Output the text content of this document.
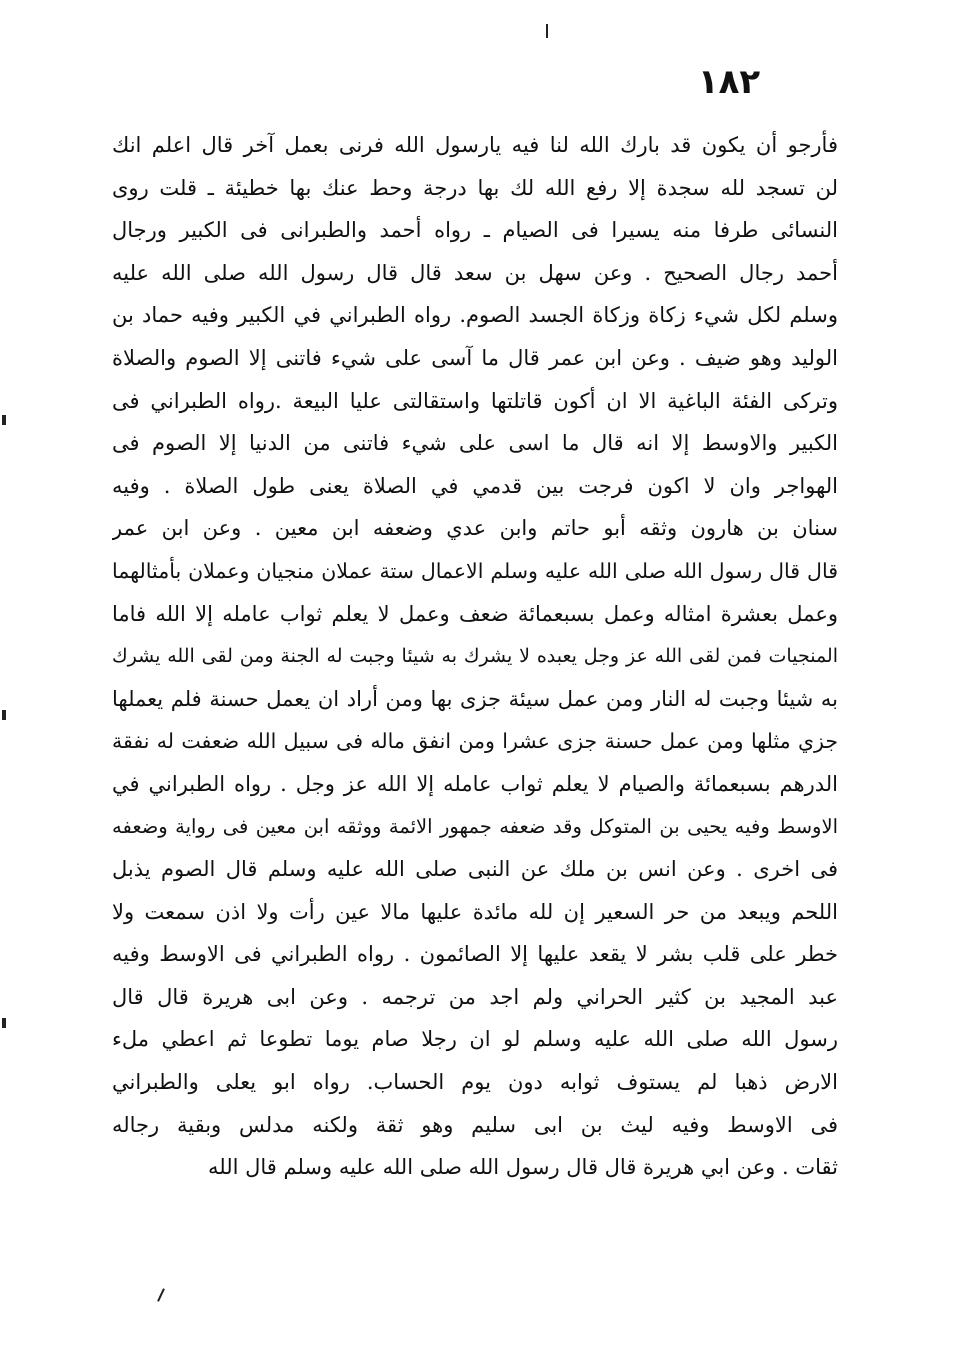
١٨٢
فأرجو أن يكون قد بارك الله لنا فيه يارسول الله فرنى بعمل آخر قال اعلم انك
لن تسجد لله سجدة إلا رفع الله لك بها درجة وحط عنك بها خطيئة ـ قلت روى
النسائى طرفا منه يسيرا فى الصيام ـ رواه أحمد والطبرانى فى الكبير ورجال
أحمد رجال الصحيح . وعن سهل بن سعد قال قال رسول الله صلى الله عليه
وسلم لكل شيء زكاة وزكاة الجسد الصوم. رواه الطبراني في الكبير وفيه حماد بن
الوليد وهو ضيف . وعن ابن عمر قال ما آسى على شيء فاتنى إلا الصوم والصلاة
وتركى الفئة الباغية الا ان أكون قاتلتها واستقالتى عليا البيعة .رواه الطبراني فى
الكبير والاوسط إلا انه قال ما اسى على شيء فاتنى من الدنيا إلا الصوم فى
الهواجر وان لا اكون فرجت بين قدمي في الصلاة يعنى طول الصلاة . وفيه
سنان بن هارون وثقه أبو حاتم وابن عدي وضعفه ابن معين . وعن ابن عمر
قال قال رسول الله صلى الله عليه وسلم الاعمال ستة عملان منجيان وعملان بأمثالهما
وعمل بعشرة امثاله وعمل بسبعمائة ضعف وعمل لا يعلم ثواب عامله إلا الله فاما
المنجيات فمن لقى الله عز وجل يعبده لا يشرك به شيئا وجبت له الجنة ومن لقى الله يشرك
به شيئا وجبت له النار ومن عمل سيئة جزى بها ومن أراد ان يعمل حسنة فلم يعملها
جزي مثلها ومن عمل حسنة جزى عشرا ومن انفق ماله فى سبيل الله ضعفت له نفقة
الدرهم بسبعمائة والصيام لا يعلم ثواب عامله إلا الله عز وجل . رواه الطبراني في
الاوسط وفيه يحيى بن المتوكل وقد ضعفه جمهور الائمة ووثقه ابن معين فى رواية وضعفه
فى اخرى . وعن انس بن ملك عن النبى صلى الله عليه وسلم قال الصوم يذبل
اللحم ويبعد من حر السعير إن لله مائدة عليها مالا عين رأت ولا اذن سمعت ولا
خطر على قلب بشر لا يقعد عليها إلا الصائمون . رواه الطبراني فى الاوسط وفيه
عبد المجيد بن كثير الحراني ولم اجد من ترجمه . وعن ابى هريرة قال قال
رسول الله صلى الله عليه وسلم لو ان رجلا صام يوما تطوعا ثم اعطي ملء
الارض ذهبا لم يستوف ثوابه دون يوم الحساب. رواه ابو يعلى والطبراني
فى الاوسط وفيه ليث بن ابى سليم وهو ثقة ولكنه مدلس وبقية رجاله
ثقات . وعن ابي هريرة قال قال رسول الله صلى الله عليه وسلم قال الله
